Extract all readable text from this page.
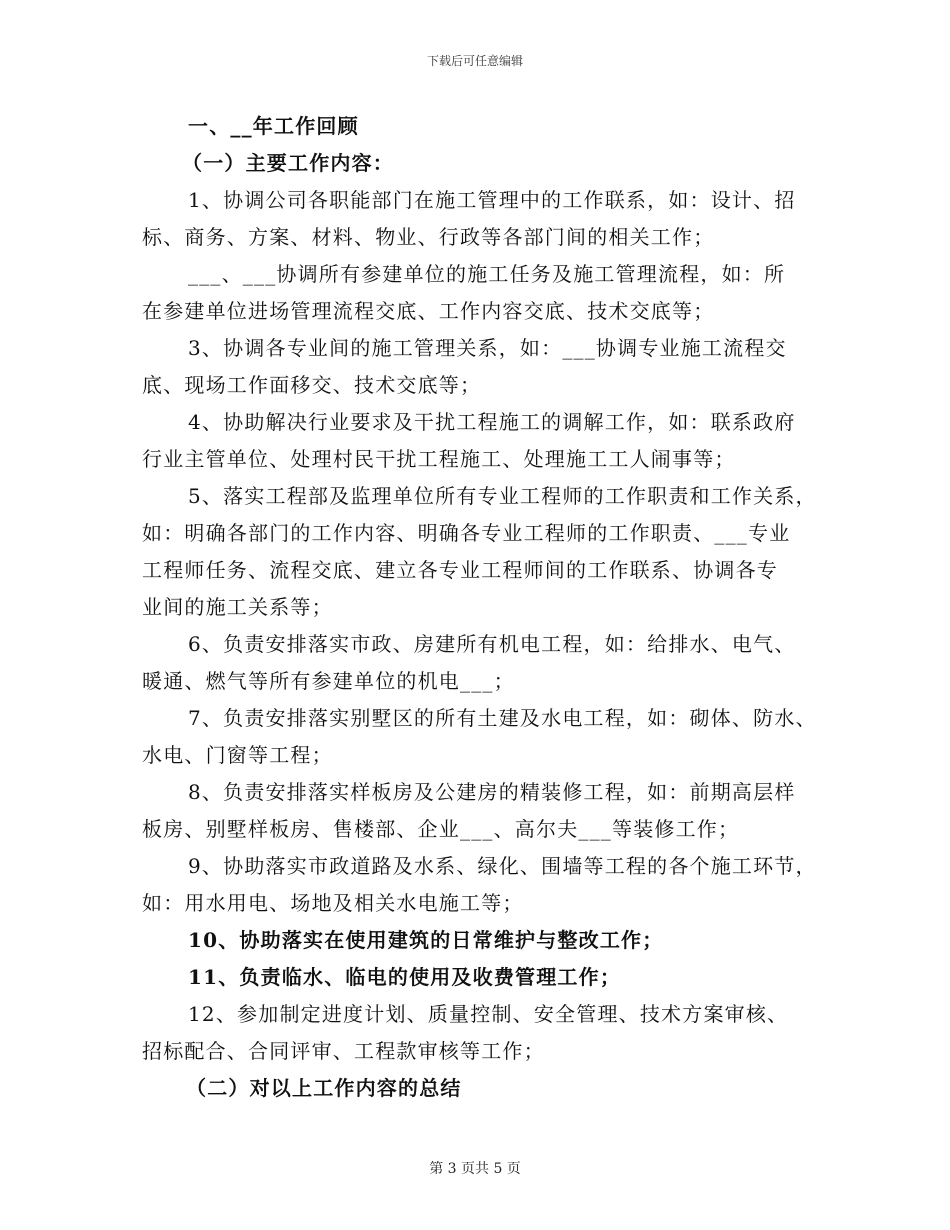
下载后可任意编辑
一、__年工作回顾
（一）主要工作内容：
1、协调公司各职能部门在施工管理中的工作联系，如：设计、招
标、商务、方案、材料、物业、行政等各部门间的相关工作；
___、___协调所有参建单位的施工任务及施工管理流程，如：所
在参建单位进场管理流程交底、工作内容交底、技术交底等；
3、协调各专业间的施工管理关系，如：___协调专业施工流程交
底、现场工作面移交、技术交底等；
4、协助解决行业要求及干扰工程施工的调解工作，如：联系政府
行业主管单位、处理村民干扰工程施工、处理施工工人闹事等；
5、落实工程部及监理单位所有专业工程师的工作职责和工作关系，
如：明确各部门的工作内容、明确各专业工程师的工作职责、___专业
工程师任务、流程交底、建立各专业工程师间的工作联系、协调各专
业间的施工关系等；
6、负责安排落实市政、房建所有机电工程，如：给排水、电气、
暖通、燃气等所有参建单位的机电___；
7、负责安排落实别墅区的所有土建及水电工程，如：砌体、防水、
水电、门窗等工程；
8、负责安排落实样板房及公建房的精装修工程，如：前期高层样
板房、别墅样板房、售楼部、企业___、高尔夫___等装修工作；
9、协助落实市政道路及水系、绿化、围墙等工程的各个施工环节，
如：用水用电、场地及相关水电施工等；
10、协助落实在使用建筑的日常维护与整改工作；
11、负责临水、临电的使用及收费管理工作；
12、参加制定进度计划、质量控制、安全管理、技术方案审核、
招标配合、合同评审、工程款审核等工作；
（二）对以上工作内容的总结
第 3 页共 5 页
